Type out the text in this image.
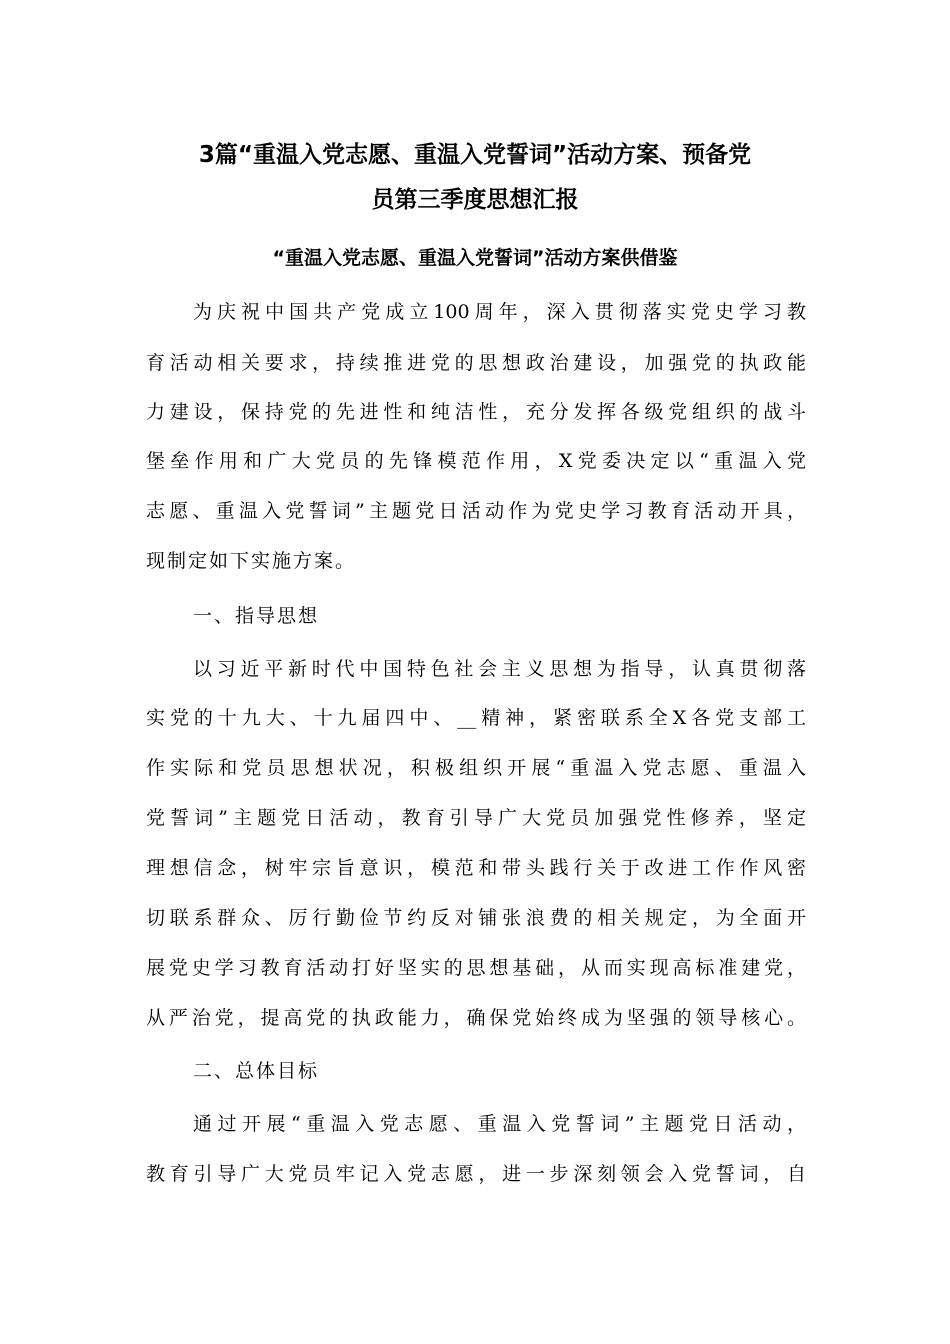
3篇“重温入党志愿、重温入党誓词”活动方案、预备党
员第三季度思想汇报
“重温入党志愿、重温入党誓词”活动方案供借鉴
为庆祝中国共产党成立100周年，深入贯彻落实党史学习教
育活动相关要求，持续推进党的思想政治建设，加强党的执政能
力建设，保持党的先进性和纯洁性，充分发挥各级党组织的战斗
堡垒作用和广大党员的先锋模范作用，X党委决定以“重温入党
志愿、重温入党誓词”主题党日活动作为党史学习教育活动开具，
现制定如下实施方案。
一、指导思想
以习近平新时代中国特色社会主义思想为指导，认真贯彻落
实党的十九大、十九届四中、__精神，紧密联系全X各党支部工
作实际和党员思想状况，积极组织开展“重温入党志愿、重温入
党誓词”主题党日活动，教育引导广大党员加强党性修养，坚定
理想信念，树牢宗旨意识，模范和带头践行关于改进工作作风密
切联系群众、厉行勤俭节约反对铺张浪费的相关规定，为全面开
展党史学习教育活动打好坚实的思想基础，从而实现高标准建党，
从严治党，提高党的执政能力，确保党始终成为坚强的领导核心。
二、总体目标
通过开展“重温入党志愿、重温入党誓词”主题党日活动，
教育引导广大党员牢记入党志愿，进一步深刻领会入党誓词，自
